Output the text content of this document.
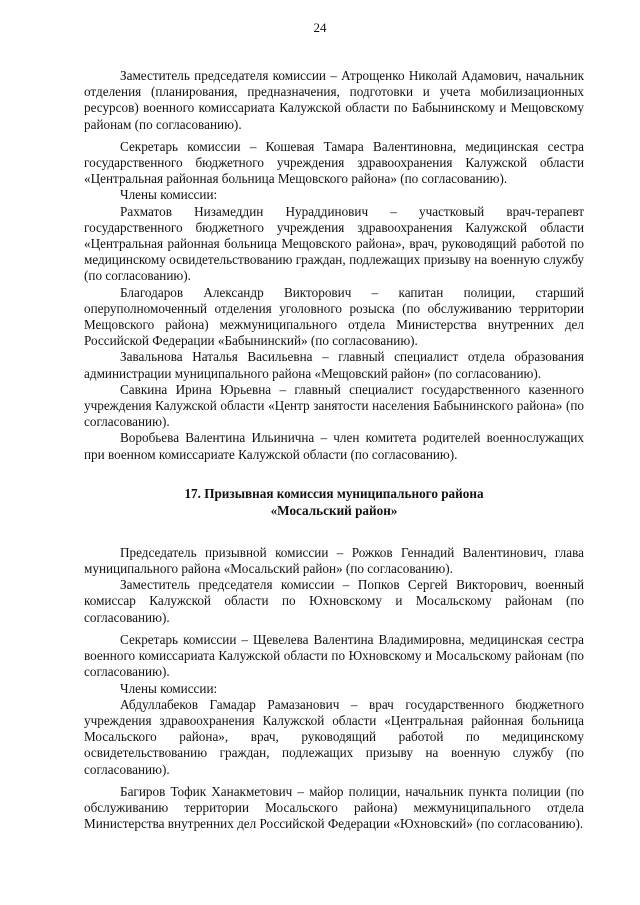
24

Заместитель председателя комиссии – Атрощенко Николай Адамович, начальник отделения (планирования, предназначения, подготовки и учета мобилизационных ресурсов) военного комиссариата Калужской области по Бабынинскому и Мещовскому районам (по согласованию).

Секретарь комиссии – Кошевая Тамара Валентиновна, медицинская сестра государственного бюджетного учреждения здравоохранения Калужской области «Центральная районная больница Мещовского района» (по согласованию).

Члены комиссии:

Рахматов Низамеддин Нураддинович – участковый врач-терапевт государственного бюджетного учреждения здравоохранения Калужской области «Центральная районная больница Мещовского района», врач, руководящий работой по медицинскому освидетельствованию граждан, подлежащих призыву на военную службу (по согласованию).

Благодаров Александр Викторович – капитан полиции, старший оперуполномоченный отделения уголовного розыска (по обслуживанию территории Мещовского района) межмуниципального отдела Министерства внутренних дел Российской Федерации «Бабынинский» (по согласованию).

Завальнова Наталья Васильевна – главный специалист отдела образования администрации муниципального района «Мещовский район» (по согласованию).

Савкина Ирина Юрьевна – главный специалист государственного казенного учреждения Калужской области «Центр занятости населения Бабынинского района» (по согласованию).

Воробьева Валентина Ильинична – член комитета родителей военнослужащих при военном комиссариате Калужской области (по согласованию).

17. Призывная комиссия муниципального района
«Мосальский район»

Председатель призывной комиссии – Рожков Геннадий Валентинович, глава муниципального района «Мосальский район» (по согласованию).

Заместитель председателя комиссии – Попков Сергей Викторович, военный комиссар Калужской области по Юхновскому и Мосальскому районам (по согласованию).

Секретарь комиссии – Щевелева Валентина Владимировна, медицинская сестра военного комиссариата Калужской области по Юхновскому и Мосальскому районам (по согласованию).

Члены комиссии:

Абдуллабеков Гамадар Рамазанович – врач государственного бюджетного учреждения здравоохранения Калужской области «Центральная районная больница Мосальского района», врач, руководящий работой по медицинскому освидетельствованию граждан, подлежащих призыву на военную службу (по согласованию).

Багиров Тофик Ханакметович – майор полиции, начальник пункта полиции (по обслуживанию территории Мосальского района) межмуниципального отдела Министерства внутренних дел Российской Федерации «Юхновский» (по согласованию).
